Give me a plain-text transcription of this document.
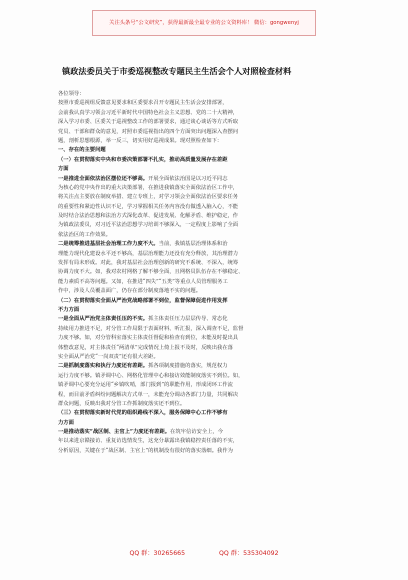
关注头条号“公文研究”，获得最新最全最专业的公文资料库！ 微信：gongwenyj
镇政法委员关于市委巡视整改专题民主生活会个人对照检查材料
各位领导：
按照市委巡视组反馈意见要求和区委要求召开专题民主生活会安排部署，
会前我认真学习领会习近平新时代中国特色社会主义思想、党的二十大精神，
深入学习市委、区委关于巡视整改工作的部署要求，通过谈心谈话等方式听取
党员、干部和群众的意见，对照市委巡视指出的四个方面突出问题深入查摆问
题，剖析思想根源，举一反三，切实用好巡视成果。现对照检查如下：
一、存在的主要问题
（一）在贯彻落实中央和市委决策部署不扎实，推动高质量发展存在差距
方面
一是推进全面依法治区摆位还不够高。开展全面依法治国是以习近平同志
为核心的党中央作出的重大决策部署，在推进我镇落实全面依法治区工作中，
将关注点主要放在制度举措、建立专班上，对学习领会全面依法治区要求任务
的重要性和紧迫性认识不足，学习掌握相关任务内容没有做透入脑入心，不能
及时结合法治思想和法治方式深化改革、促进发展、化解矛盾、维护稳定，作
为镇政法委员，对习近平法治思想学习培训不够深入，一定程度上影响了全面
依法治区的工作效果。
二是统筹推进基层社会治理工作力度不大。当前，我镇基层治理体系和治
理能力现代化建设水平还不够高，基层治理能力还没有充分释放，其治理潜力
发挥有局未形成。对此，我对基层社会治理创新的研究不系统、不深入，统筹
协调力度不大。如，我对农村网格了解不够全面，且网格员队伍存在不够稳定、
能力素质不高等问题。又如，在推进“四失”“五类”等重点人员管理服务工
作中，涉及人员覆盖面广，仍存在部分制度落地不实的问题。
（二）在贯彻落实全面从严治党战略部署不到位，监督保障促进作用发挥
不力方面
一是全面从严治党主体责任压的不实。抓主体责任压力层层传导、常态化
持续用力推进不足，对分管工作局限于表面材料、听汇报，深入调查不足，监督
力度不够。如，对分管科室落实主体责任督促和检查有到位，未能及时提出具
体整改意见，对主体责任“两清单”完成情况上倚上报不及时，反映出我在落
实全面从严治党“一岗双责”还有很大差距。
二是抓制度落实和执行力度还有差距。抓各项制度措施的落实，规范权力
运行力度不够。镇矛调中心、网格化管理中心和接访效能制度落实不到位。如，
镇矛调中心要充分运用“乡镇吹哨，部门报到”的职能作用，形成闭环工作流
程，而目前矛盾纠纷问题解决方式单一，未能充分调动各部门力量，共同解决
群众问题，反映出我对分管工作抓制度落实还不到位。
（三）在贯彻落实新时代党的组织路线不深入，服务保障中心工作不够有
力方面
一是推动落实“战区制、主官上”力度还有差距。在筑牢信访安全上，今
年以来进京赣接访、重复访选情发生，这充分暴露出我镇稳控责任落的不实，
分析原因，关键在于“战区制、主官上”的机制没有很好的落实落细。我作为
QQ 群：30265665	QQ 群：535304092
